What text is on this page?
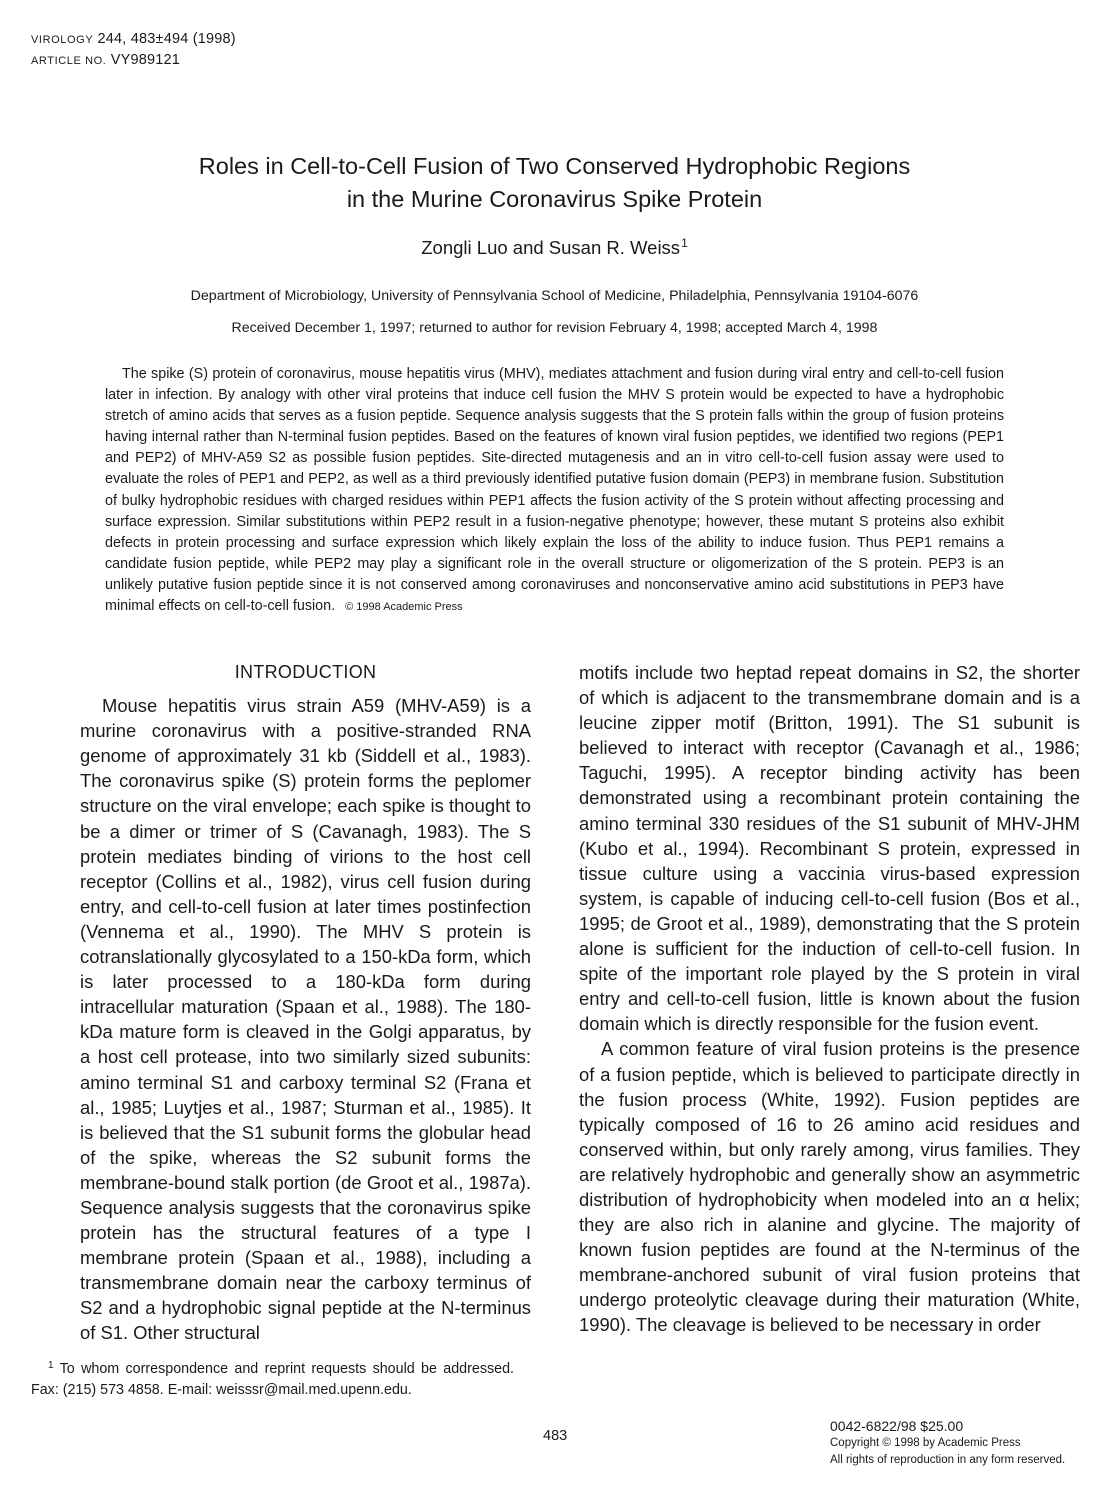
VIROLOGY 244, 483±494 (1998)
ARTICLE NO. VY989121
Roles in Cell-to-Cell Fusion of Two Conserved Hydrophobic Regions
in the Murine Coronavirus Spike Protein
Zongli Luo and Susan R. Weiss$^1$
Department of Microbiology, University of Pennsylvania School of Medicine, Philadelphia, Pennsylvania 19104-6076
Received December 1, 1997; returned to author for revision February 4, 1998; accepted March 4, 1998
The spike (S) protein of coronavirus, mouse hepatitis virus (MHV), mediates attachment and fusion during viral entry and cell-to-cell fusion later in infection. By analogy with other viral proteins that induce cell fusion the MHV S protein would be expected to have a hydrophobic stretch of amino acids that serves as a fusion peptide. Sequence analysis suggests that the S protein falls within the group of fusion proteins having internal rather than N-terminal fusion peptides. Based on the features of known viral fusion peptides, we identified two regions (PEP1 and PEP2) of MHV-A59 S2 as possible fusion peptides. Site-directed mutagenesis and an in vitro cell-to-cell fusion assay were used to evaluate the roles of PEP1 and PEP2, as well as a third previously identified putative fusion domain (PEP3) in membrane fusion. Substitution of bulky hydrophobic residues with charged residues within PEP1 affects the fusion activity of the S protein without affecting processing and surface expression. Similar substitutions within PEP2 result in a fusion-negative phenotype; however, these mutant S proteins also exhibit defects in protein processing and surface expression which likely explain the loss of the ability to induce fusion. Thus PEP1 remains a candidate fusion peptide, while PEP2 may play a significant role in the overall structure or oligomerization of the S protein. PEP3 is an unlikely putative fusion peptide since it is not conserved among coronaviruses and nonconservative amino acid substitutions in PEP3 have minimal effects on cell-to-cell fusion. © 1998 Academic Press

INTRODUCTION

Mouse hepatitis virus strain A59 (MHV-A59) is a murine coronavirus with a positive-stranded RNA genome of approximately 31 kb (Siddell et al., 1983). The coronavirus spike (S) protein forms the peplomer structure on the viral envelope; each spike is thought to be a dimer or trimer of S (Cavanagh, 1983). The S protein mediates binding of virions to the host cell receptor (Collins et al., 1982), virus cell fusion during entry, and cell-to-cell fusion at later times postinfection (Vennema et al., 1990). The MHV S protein is cotranslationally glycosylated to a 150-kDa form, which is later processed to a 180-kDa form during intracellular maturation (Spaan et al., 1988). The 180-kDa mature form is cleaved in the Golgi apparatus, by a host cell protease, into two similarly sized subunits: amino terminal S1 and carboxy terminal S2 (Frana et al., 1985; Luytjes et al., 1987; Sturman et al., 1985). It is believed that the S1 subunit forms the globular head of the spike, whereas the S2 subunit forms the membrane-bound stalk portion (de Groot et al., 1987a). Sequence analysis suggests that the coronavirus spike protein has the structural features of a type I membrane protein (Spaan et al., 1988), including a transmembrane domain near the carboxy terminus of S2 and a hydrophobic signal peptide at the N-terminus of S1. Other structural

motifs include two heptad repeat domains in S2, the shorter of which is adjacent to the transmembrane domain and is a leucine zipper motif (Britton, 1991). The S1 subunit is believed to interact with receptor (Cavanagh et al., 1986; Taguchi, 1995). A receptor binding activity has been demonstrated using a recombinant protein containing the amino terminal 330 residues of the S1 subunit of MHV-JHM (Kubo et al., 1994). Recombinant S protein, expressed in tissue culture using a vaccinia virus-based expression system, is capable of inducing cell-to-cell fusion (Bos et al., 1995; de Groot et al., 1989), demonstrating that the S protein alone is sufficient for the induction of cell-to-cell fusion. In spite of the important role played by the S protein in viral entry and cell-to-cell fusion, little is known about the fusion domain which is directly responsible for the fusion event.

A common feature of viral fusion proteins is the presence of a fusion peptide, which is believed to participate directly in the fusion process (White, 1992). Fusion peptides are typically composed of 16 to 26 amino acid residues and conserved within, but only rarely among, virus families. They are relatively hydrophobic and generally show an asymmetric distribution of hydrophobicity when modeled into an α helix; they are also rich in alanine and glycine. The majority of known fusion peptides are found at the N-terminus of the membrane-anchored subunit of viral fusion proteins that undergo proteolytic cleavage during their maturation (White, 1990). The cleavage is believed to be necessary in order

$^1$ To whom correspondence and reprint requests should be addressed. Fax: (215) 573 4858. E-mail: weisssr@mail.med.upenn.edu.
483
0042-6822/98 $25.00
Copyright © 1998 by Academic Press
All rights of reproduction in any form reserved.
